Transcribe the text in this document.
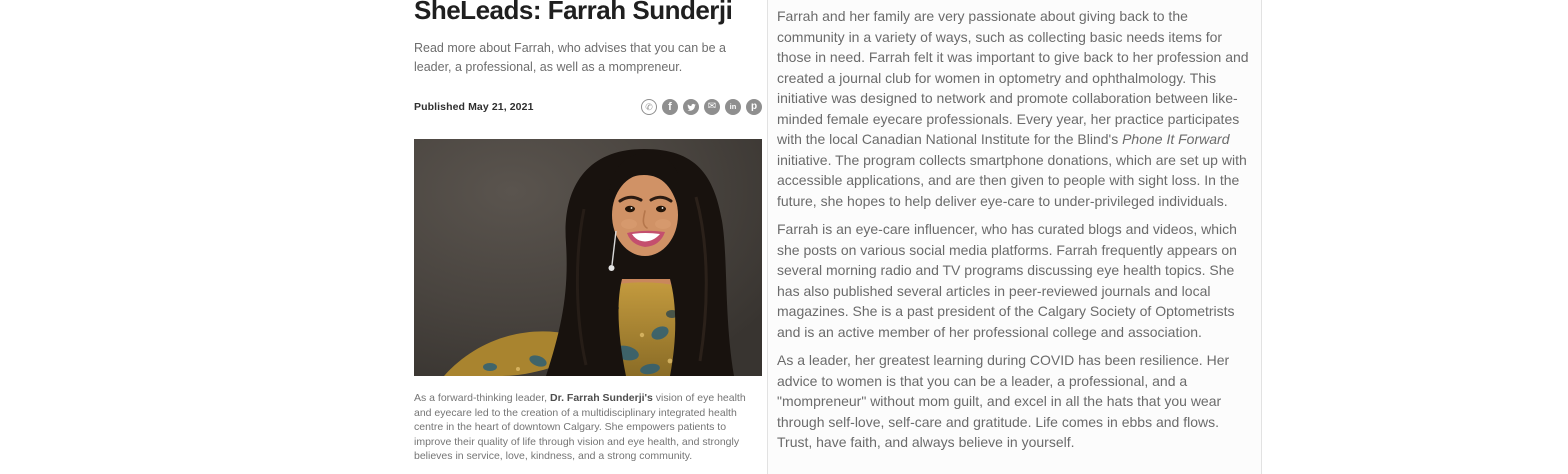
SheLeads: Farrah Sunderji
Read more about Farrah, who advises that you can be a leader, a professional, as well as a mompreneur.
Published May 21, 2021	✆	f	✉	in	p
As a forward-thinking leader, Dr. Farrah Sunderji's vision of eye health and eyecare led to the creation of a multidisciplinary integrated health centre in the heart of downtown Calgary. She empowers patients to improve their quality of life through vision and eye health, and strongly believes in service, love, kindness, and a strong community.

Farrah and her family are very passionate about giving back to the community in a variety of ways, such as collecting basic needs items for those in need. Farrah felt it was important to give back to her profession and created a journal club for women in optometry and ophthalmology. This initiative was designed to network and promote collaboration between like-minded female eyecare professionals. Every year, her practice participates with the local Canadian National Institute for the Blind's Phone It Forward initiative. The program collects smartphone donations, which are set up with accessible applications, and are then given to people with sight loss. In the future, she hopes to help deliver eye-care to under-privileged individuals.

Farrah is an eye-care influencer, who has curated blogs and videos, which she posts on various social media platforms. Farrah frequently appears on several morning radio and TV programs discussing eye health topics. She has also published several articles in peer-reviewed journals and local magazines. She is a past president of the Calgary Society of Optometrists and is an active member of her professional college and association.

As a leader, her greatest learning during COVID has been resilience. Her advice to women is that you can be a leader, a professional, and a "mompreneur" without mom guilt, and excel in all the hats that you wear through self-love, self-care and gratitude. Life comes in ebbs and flows. Trust, have faith, and always believe in yourself.
